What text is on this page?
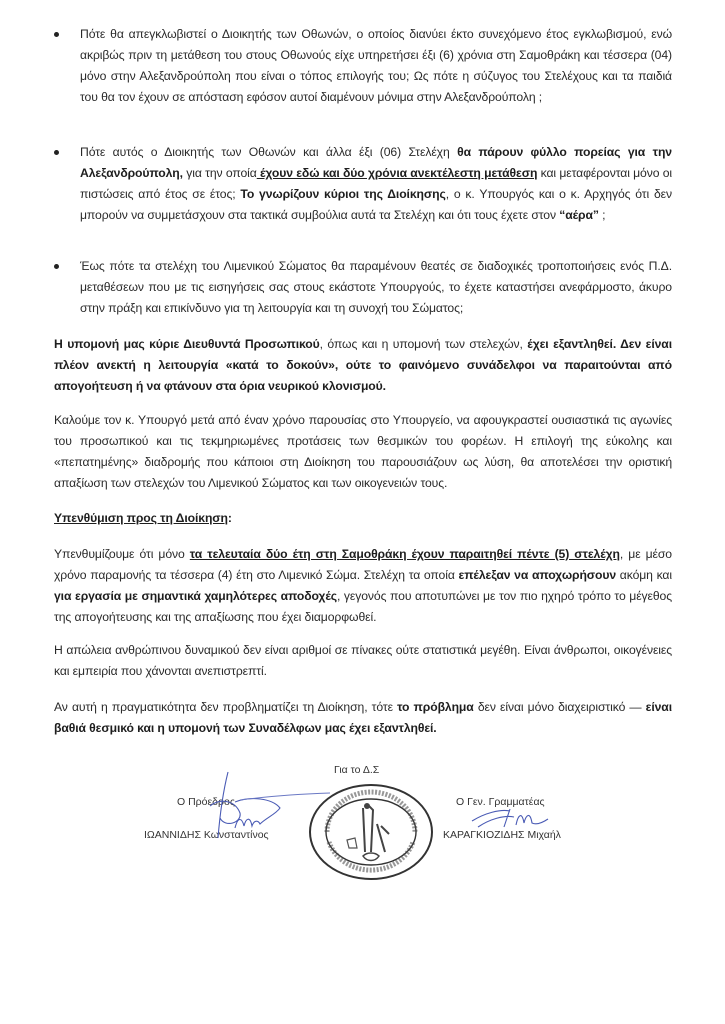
Πότε θα απεγκλωβιστεί ο Διοικητής των Οθωνών, ο οποίος διανύει έκτο συνεχόμενο έτος εγκλωβισμού, ενώ ακριβώς πριν τη μετάθεση του στους Οθωνούς είχε υπηρετήσει έξι (6) χρόνια στη Σαμοθράκη και τέσσερα (04) μόνο στην Αλεξανδρούπολη που είναι ο τόπος επιλογής του; Ως πότε η σύζυγος του Στελέχους και τα παιδιά του θα τον έχουν σε απόσταση εφόσον αυτοί διαμένουν μόνιμα στην Αλεξανδρούπολη ;
Πότε αυτός ο Διοικητής των Οθωνών και άλλα έξι (06) Στελέχη θα πάρουν φύλλο πορείας για την Αλεξανδρούπολη, για την οποία έχουν εδώ και δύο χρόνια ανεκτέλεστη μετάθεση και μεταφέρονται μόνο οι πιστώσεις από έτος σε έτος; Το γνωρίζουν κύριοι της Διοίκησης, ο κ. Υπουργός και ο κ. Αρχηγός ότι δεν μπορούν να συμμετάσχουν στα τακτικά συμβούλια αυτά τα Στελέχη και ότι τους έχετε στον “αέρα” ;
Έως πότε τα στελέχη του Λιμενικού Σώματος θα παραμένουν θεατές σε διαδοχικές τροποποιήσεις ενός Π.Δ. μεταθέσεων που με τις εισηγήσεις σας στους εκάστοτε Υπουργούς, το έχετε καταστήσει ανεφάρμοστο, άκυρο στην πράξη και επικίνδυνο για τη λειτουργία και τη συνοχή του Σώματος;
Η υπομονή μας κύριε Διευθυντά Προσωπικού, όπως και η υπομονή των στελεχών, έχει εξαντληθεί. Δεν είναι πλέον ανεκτή η λειτουργία «κατά το δοκούν», ούτε το φαινόμενο συνάδελφοι να παραιτούνται από απογοήτευση ή να φτάνουν στα όρια νευρικού κλονισμού.
Καλούμε τον κ. Υπουργό μετά από έναν χρόνο παρουσίας στο Υπουργείο, να αφουγκραστεί ουσιαστικά τις αγωνίες του προσωπικού και τις τεκμηριωμένες προτάσεις των θεσμικών του φορέων. Η επιλογή της εύκολης και «πεπατημένης» διαδρομής που κάποιοι στη Διοίκηση του παρουσιάζουν ως λύση, θα αποτελέσει την οριστική απαξίωση των στελεχών του Λιμενικού Σώματος και των οικογενειών τους.
Υπενθύμιση προς τη Διοίκηση:
Υπενθυμίζουμε ότι μόνο τα τελευταία δύο έτη στη Σαμοθράκη έχουν παραιτηθεί πέντε (5) στελέχη, με μέσο χρόνο παραμονής τα τέσσερα (4) έτη στο Λιμενικό Σώμα. Στελέχη τα οποία επέλεξαν να αποχωρήσουν ακόμη και για εργασία με σημαντικά χαμηλότερες αποδοχές, γεγονός που αποτυπώνει με τον πιο ηχηρό τρόπο το μέγεθος της απογοήτευσης και της απαξίωσης που έχει διαμορφωθεί.
Η απώλεια ανθρώπινου δυναμικού δεν είναι αριθμοί σε πίνακες ούτε στατιστικά μεγέθη. Είναι άνθρωποι, οικογένειες και εμπειρία που χάνονται ανεπιστρεπτί.
Αν αυτή η πραγματικότητα δεν προβληματίζει τη Διοίκηση, τότε το πρόβλημα δεν είναι μόνο διαχειριστικό — είναι βαθιά θεσμικό και η υπομονή των Συναδέλφων μας έχει εξαντληθεί.
Για το Δ.Σ
Ο Πρόεδρος
ΙΩΑΝΝΙΔΗΣ Κωνσταντίνος
Ο Γεν. Γραμματέας
ΚΑΡΑΓΚΙΟΖΙΔΗΣ Μιχαήλ
